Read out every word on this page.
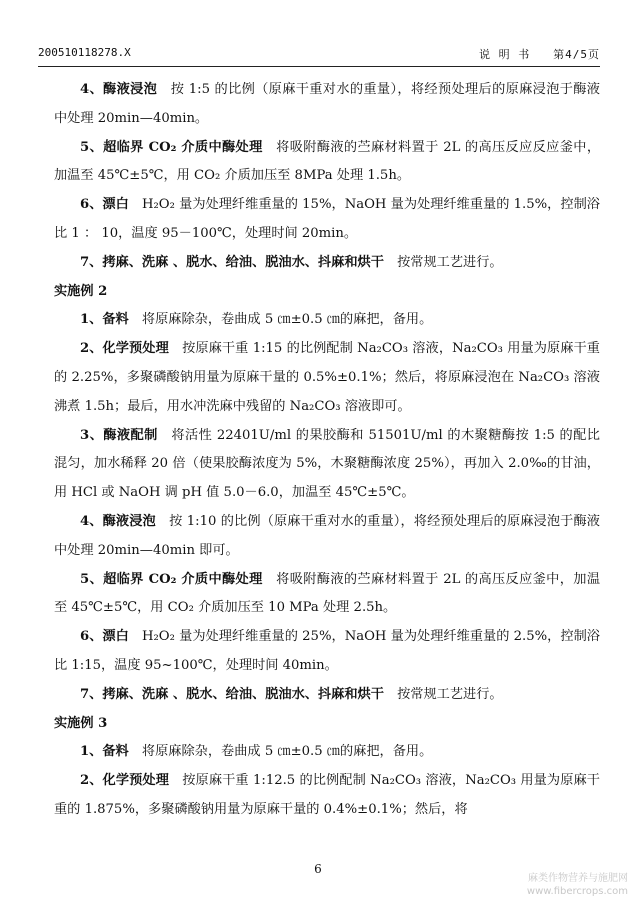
200510118278.X	说 明 书 第4/5页

4、酶液浸泡　按 1:5 的比例（原麻干重对水的重量），将经预处理后的原麻浸泡于酶液中处理 20min—40min。

5、超临界 CO₂ 介质中酶处理　将吸附酶液的苎麻材料置于 2L 的高压反应反应釜中，加温至 45℃±5℃，用 CO₂ 介质加压至 8MPa 处理 1.5h。

6、漂白　H₂O₂ 量为处理纤维重量的 15%，NaOH 量为处理纤维重量的 1.5%，控制浴比 1 ： 10，温度 95－100℃，处理时间 20min。

7、拷麻、洗麻 、脱水、给油、脱油水、抖麻和烘干　按常规工艺进行。

实施例 2

1、备料　将原麻除杂，卷曲成 5 ㎝±0.5 ㎝的麻把，备用。

2、化学预处理　按原麻干重 1:15 的比例配制 Na₂CO₃ 溶液，Na₂CO₃ 用量为原麻干重的 2.25%，多聚磷酸钠用量为原麻干量的 0.5%±0.1%；然后，将原麻浸泡在 Na₂CO₃ 溶液沸煮 1.5h；最后，用水冲洗麻中残留的 Na₂CO₃ 溶液即可。

3、酶液配制　将活性 22401U/ml 的果胶酶和 51501U/ml 的木聚糖酶按 1:5 的配比混匀，加水稀释 20 倍（使果胶酶浓度为 5%，木聚糖酶浓度 25%），再加入 2.0‰的甘油，用 HCl 或 NaOH 调 pH 值 5.0－6.0，加温至 45℃±5℃。

4、酶液浸泡　按 1:10 的比例（原麻干重对水的重量），将经预处理后的原麻浸泡于酶液中处理 20min—40min 即可。

5、超临界 CO₂ 介质中酶处理　将吸附酶液的苎麻材料置于 2L 的高压反应釜中，加温至 45℃±5℃，用 CO₂ 介质加压至 10 MPa 处理 2.5h。

6、漂白　H₂O₂ 量为处理纤维重量的 25%，NaOH 量为处理纤维重量的 2.5%，控制浴比 1:15，温度 95~100℃，处理时间 40min。

7、拷麻、洗麻 、脱水、给油、脱油水、抖麻和烘干　按常规工艺进行。

实施例 3

1、备料　将原麻除杂，卷曲成 5 ㎝±0.5 ㎝的麻把，备用。

2、化学预处理　按原麻干重 1:12.5 的比例配制 Na₂CO₃ 溶液，Na₂CO₃ 用量为原麻干重的 1.875%，多聚磷酸钠用量为原麻干量的 0.4%±0.1%；然后，将

6
麻类作物营养与施肥网
www.fibercrops.com
